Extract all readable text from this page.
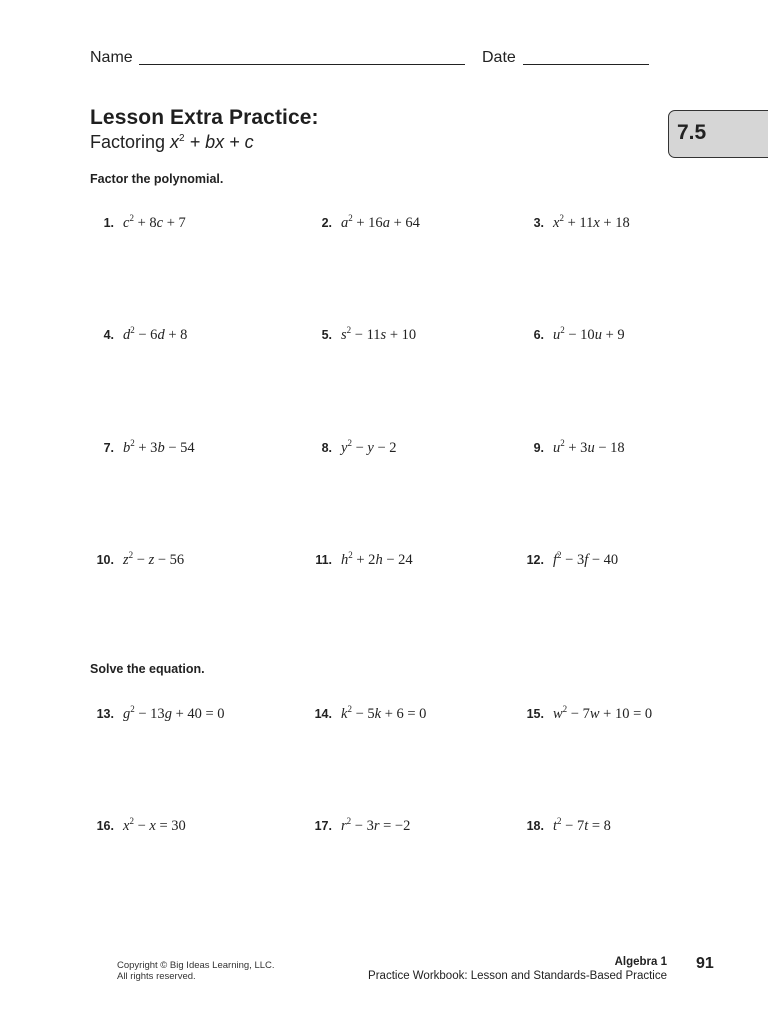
Name	Date
Lesson Extra Practice:
Factoring $x^2$ + bx + c	7.5
Factor the polynomial.
Solve the equation.
1. $c^2 + 8c + 7$	2. $a^2 + 16a + 64$	3. $x^2 + 11x + 18$
4. $d^2 - 6d + 8$	5. $s^2 - 11s + 10$	6. $u^2 - 10u + 9$
7. $b^2 + 3b - 54$	8. $y^2 - y - 2$	9. $u^2 + 3u - 18$
10. $z^2 - z - 56$	11. $h^2 + 2h - 24$	12. $f^2 - 3f - 40$
13. $g^2 - 13g + 40 = 0$	14. $k^2 - 5k + 6 = 0$	15. $w^2 - 7w + 10 = 0$
16. $x^2 - x = 30$	17. $r^2 - 3r = -2$	18. $t^2 - 7t = 8$
Copyright © Big Ideas Learning, LLC.
All rights reserved.
Algebra 1
Practice Workbook: Lesson and Standards-Based Practice
91
